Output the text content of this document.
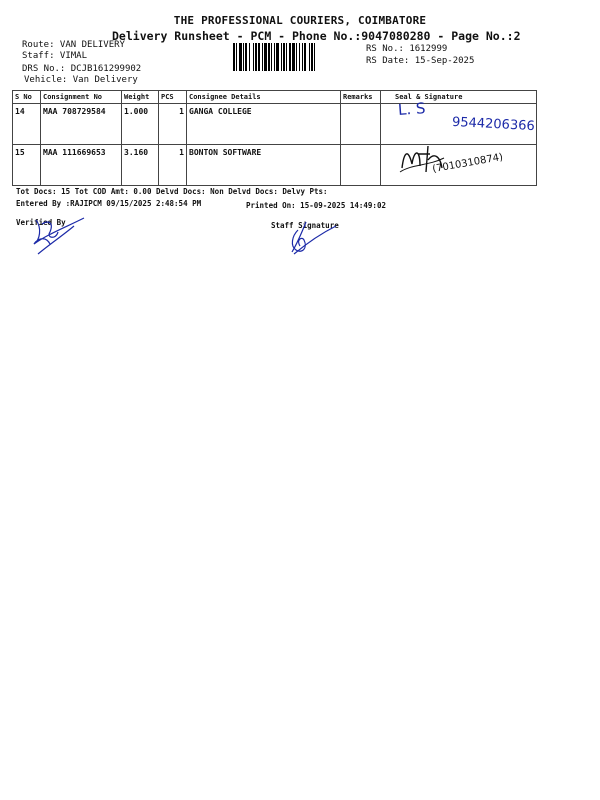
THE PROFESSIONAL COURIERS, COIMBATORE
Delivery Runsheet - PCM - Phone No.:9047080280 - Page No.:2
Route: VAN DELIVERY
Staff: VIMAL
DRS No.: DCJB161299902
Vehicle: Van Delivery
RS No.: 1612999
RS Date: 15-Sep-2025
S No	Consignment No	Weight	PCS	Consignee Details	Remarks	Seal & Signature

14	MAA 708729584	1.000	1	GANGA COLLEGE		

15	MAA 111669653	3.160	1	BONTON SOFTWARE		

L. S
9544206366
(7010310874)
Tot Docs: 15 Tot COD Amt: 0.00 Delvd Docs: Non Delvd Docs: Delvy Pts:
Entered By :RAJIPCM 09/15/2025 2:48:54 PM	Printed On: 15-09-2025 14:49:02
Verified By	Staff Signature
